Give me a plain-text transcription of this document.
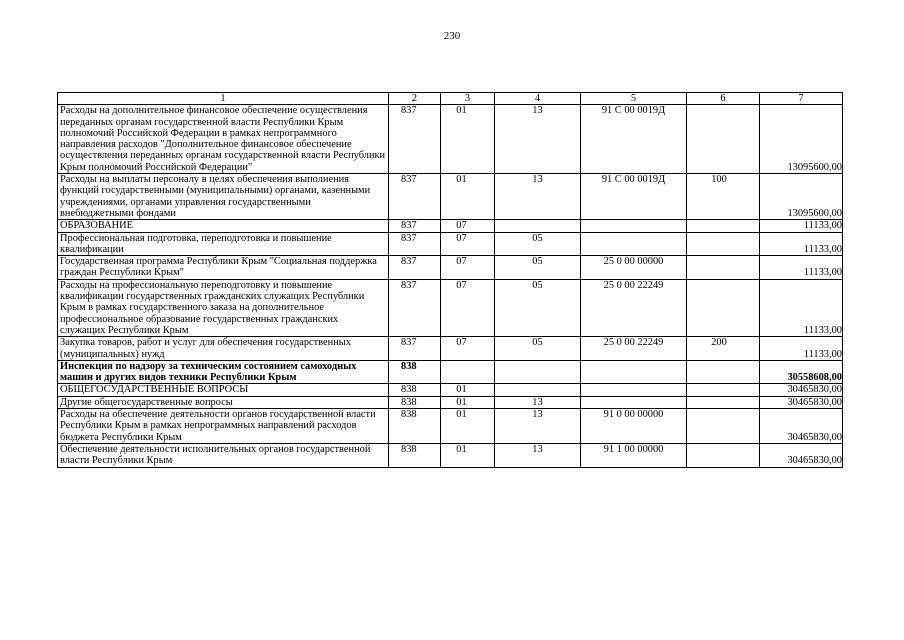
230
1	2	3	4	5	6	7
Расходы на дополнительное финансовое обеспечение осуществления переданных органам государственной власти Республики Крым полномочий Российской Федерации в рамках непрограммного направления расходов "Дополнительное финансовое обеспечение осуществления переданных органам государственной власти Республики Крым полномочий Российской Федерации"	837	01	13	91 С 00 0019Д		13095600,00
Расходы на выплаты персоналу в целях обеспечения выполнения функций государственными (муниципальными) органами, казенными учреждениями, органами управления государственными внебюджетными фондами	837	01	13	91 С 00 0019Д	100	13095600,00
ОБРАЗОВАНИЕ	837	07				11133,00
Профессиональная подготовка, переподготовка и повышение квалификации	837	07	05			11133,00
Государственная программа Республики Крым "Социальная поддержка граждан Республики Крым"	837	07	05	25 0 00 00000		11133,00
Расходы на профессиональную переподготовку и повышение квалификации государственных гражданских служащих Республики Крым в рамках государственного заказа на дополнительное профессиональное образование государственных гражданских служащих Республики Крым	837	07	05	25 0 00 22249		11133,00
Закупка товаров, работ и услуг для обеспечения государственных (муниципальных) нужд	837	07	05	25 0 00 22249	200	11133,00
Инспекция по надзору за техническим состоянием самоходных машин и других видов техники Республики Крым	838					30558608,00
ОБЩЕГОСУДАРСТВЕННЫЕ ВОПРОСЫ	838	01				30465830,00
Другие общегосударственные вопросы	838	01	13			30465830,00
Расходы на обеспечение деятельности органов государственной власти Республики Крым в рамках непрограммных направлений расходов бюджета Республики Крым	838	01	13	91 0 00 00000		30465830,00
Обеспечение деятельности исполнительных органов государственной власти Республики Крым	838	01	13	91 1 00 00000		30465830,00
